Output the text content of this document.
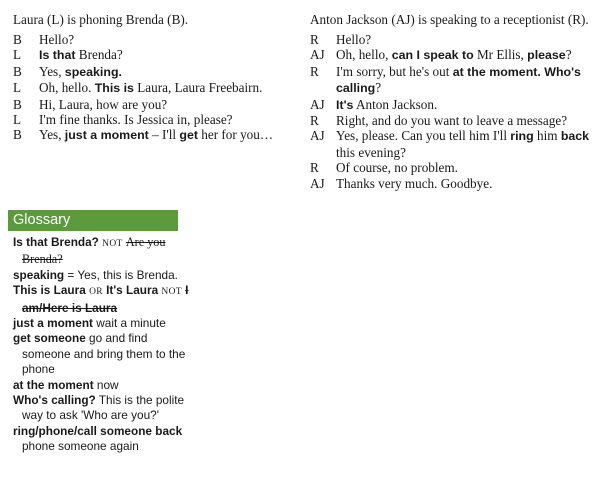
Laura (L) is phoning Brenda (B).
B	Hello?
L	Is that Brenda?
B	Yes, speaking.
L	Oh, hello. This is Laura, Laura Freebairn.
B	Hi, Laura, how are you?
L	I'm fine thanks. Is Jessica in, please?
B	Yes, just a moment – I'll get her for you…
Anton Jackson (AJ) is speaking to a receptionist (R).
R	Hello?
AJ Oh, hello, can I speak to Mr Ellis, please?
R	I'm sorry, but he's out at the moment. Who's calling?
AJ It's Anton Jackson.
R	Right, and do you want to leave a message?
AJ Yes, please. Can you tell him I'll ring him back this evening?
R	Of course, no problem.
AJ Thanks very much. Goodbye.
Glossary
Is that Brenda? NOT Are you Brenda?
speaking = Yes, this is Brenda.
This is Laura OR It's Laura NOT I am/Here is Laura
just a moment wait a minute
get someone go and find someone and bring them to the phone
at the moment now
Who's calling? This is the polite way to ask 'Who are you?'
ring/phone/call someone back phone someone again
